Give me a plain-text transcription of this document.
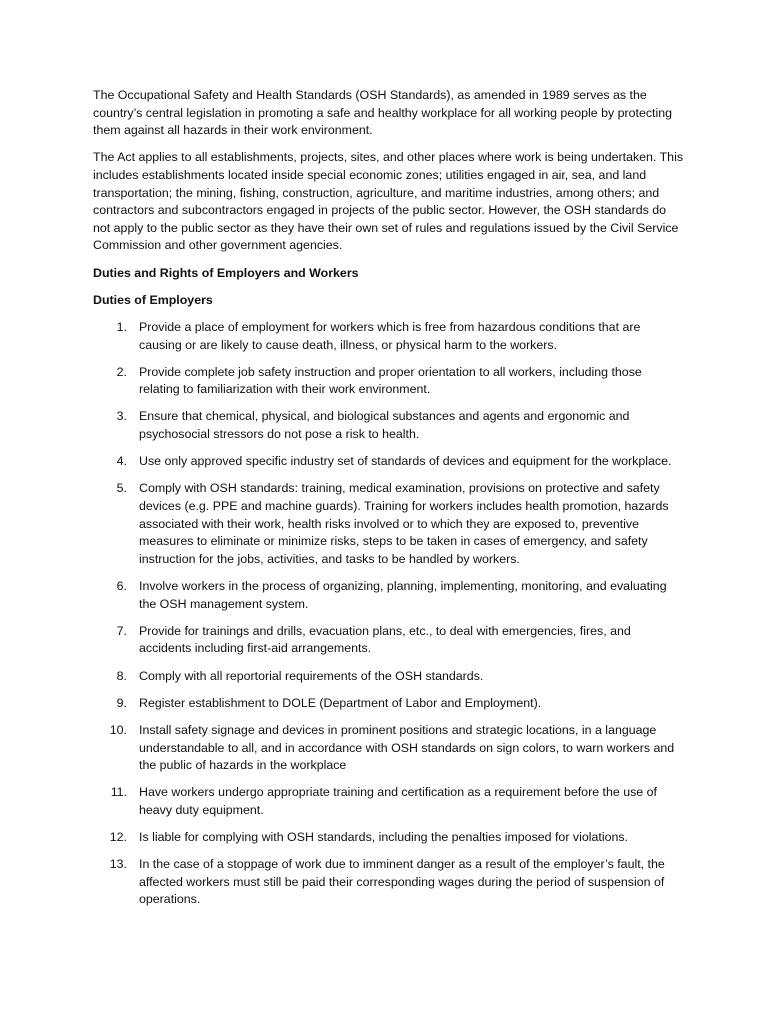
The Occupational Safety and Health Standards (OSH Standards), as amended in 1989 serves as the country’s central legislation in promoting a safe and healthy workplace for all working people by protecting them against all hazards in their work environment.

The Act applies to all establishments, projects, sites, and other places where work is being undertaken. This includes establishments located inside special economic zones; utilities engaged in air, sea, and land transportation; the mining, fishing, construction, agriculture, and maritime industries, among others; and contractors and subcontractors engaged in projects of the public sector. However, the OSH standards do not apply to the public sector as they have their own set of rules and regulations issued by the Civil Service Commission and other government agencies.

Duties and Rights of Employers and Workers

Duties of Employers

1. Provide a place of employment for workers which is free from hazardous conditions that are causing or are likely to cause death, illness, or physical harm to the workers.
2. Provide complete job safety instruction and proper orientation to all workers, including those relating to familiarization with their work environment.
3. Ensure that chemical, physical, and biological substances and agents and ergonomic and psychosocial stressors do not pose a risk to health.
4. Use only approved specific industry set of standards of devices and equipment for the workplace.
5. Comply with OSH standards: training, medical examination, provisions on protective and safety devices (e.g. PPE and machine guards). Training for workers includes health promotion, hazards associated with their work, health risks involved or to which they are exposed to, preventive measures to eliminate or minimize risks, steps to be taken in cases of emergency, and safety instruction for the jobs, activities, and tasks to be handled by workers.
6. Involve workers in the process of organizing, planning, implementing, monitoring, and evaluating the OSH management system.
7. Provide for trainings and drills, evacuation plans, etc., to deal with emergencies, fires, and accidents including first-aid arrangements.
8. Comply with all reportorial requirements of the OSH standards.
9. Register establishment to DOLE (Department of Labor and Employment).
10. Install safety signage and devices in prominent positions and strategic locations, in a language understandable to all, and in accordance with OSH standards on sign colors, to warn workers and the public of hazards in the workplace
11. Have workers undergo appropriate training and certification as a requirement before the use of heavy duty equipment.
12. Is liable for complying with OSH standards, including the penalties imposed for violations.
13. In the case of a stoppage of work due to imminent danger as a result of the employer’s fault, the affected workers must still be paid their corresponding wages during the period of suspension of operations.
